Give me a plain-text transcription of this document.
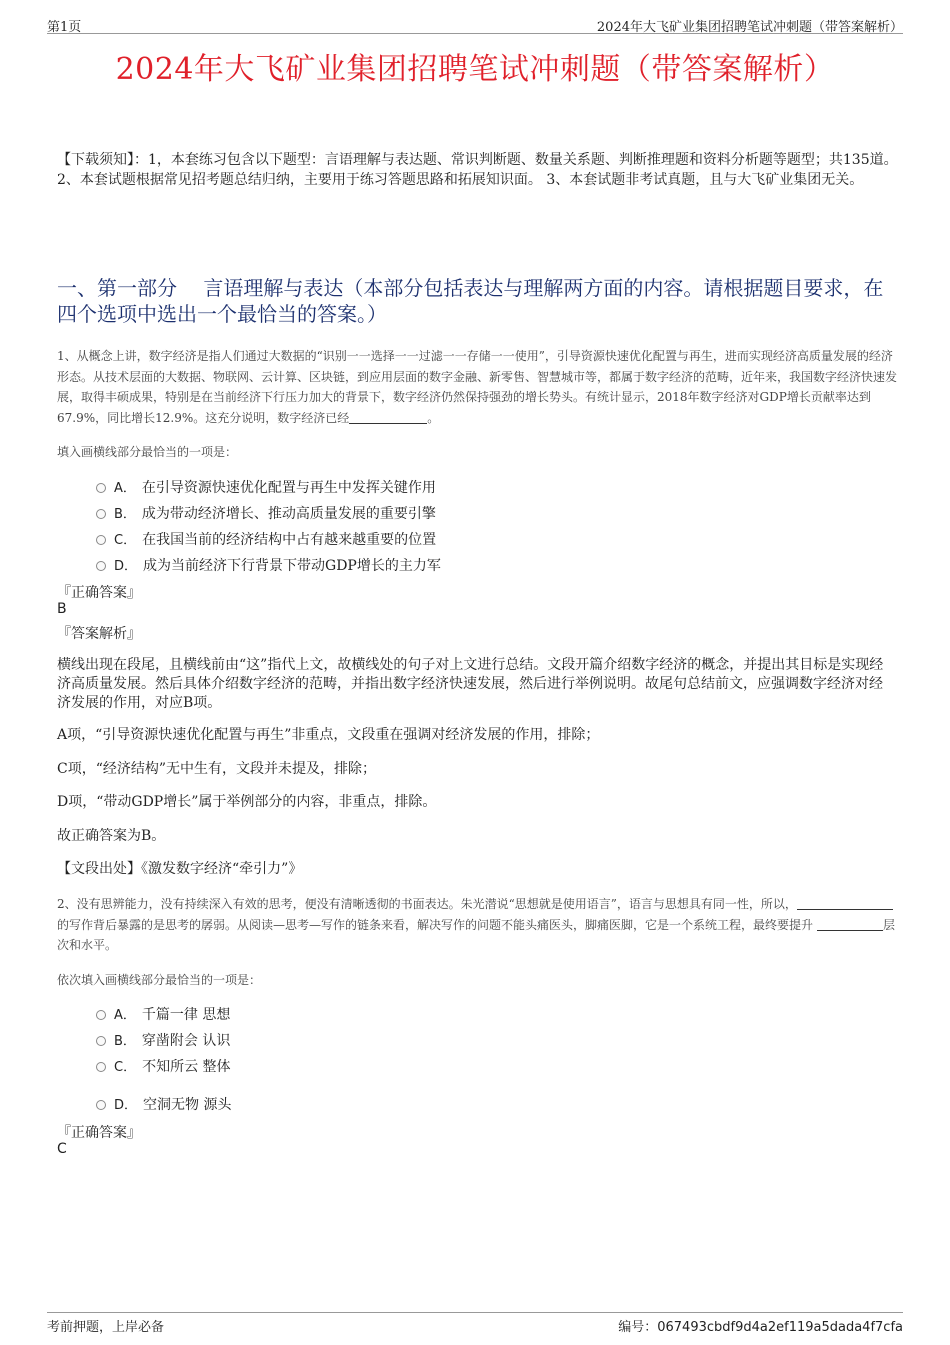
第1页	2024年大飞矿业集团招聘笔试冲刺题（带答案解析）
2024年大飞矿业集团招聘笔试冲刺题（带答案解析）
【下载须知】：1，本套练习包含以下题型：言语理解与表达题、常识判断题、数量关系题、判断推理题和资料分析题等题型；共135道。 2、本套试题根据常见招考题总结归纳，主要用于练习答题思路和拓展知识面。 3、本套试题非考试真题，且与大飞矿业集团无关。
一、第一部分　 言语理解与表达（本部分包括表达与理解两方面的内容。请根据题目要求，在四个选项中选出一个最恰当的答案。）
1、从概念上讲，数字经济是指人们通过大数据的“识别一一选择一一过滤一一存储一一使用”，引导资源快速优化配置与再生，进而实现经济高质量发展的经济形态。从技术层面的大数据、物联网、云计算、区块链，到应用层面的数字金融、新零售、智慧城市等，都属于数字经济的范畴，近年来，我国数字经济快速发展，取得丰硕成果，特别是在当前经济下行压力加大的背景下，数字经济仍然保持强劲的增长势头。有统计显示，2018年数字经济对GDP增长贡献率达到67.9%，同比增长12.9%。这充分说明，数字经济已经	。
填入画横线部分最恰当的一项是：
A． 在引导资源快速优化配置与再生中发挥关键作用
B． 成为带动经济增长、推动高质量发展的重要引擎
C． 在我国当前的经济结构中占有越来越重要的位置
D． 成为当前经济下行背景下带动GDP增长的主力军
『正确答案』
B
『答案解析』
横线出现在段尾，且横线前由“这”指代上文，故横线处的句子对上文进行总结。文段开篇介绍数字经济的概念，并提出其目标是实现经济高质量发展。然后具体介绍数字经济的范畴，并指出数字经济快速发展，然后进行举例说明。故尾句总结前文，应强调数字经济对经济发展的作用，对应B项。
A项，“引导资源快速优化配置与再生”非重点，文段重在强调对经济发展的作用，排除；
C项，“经济结构”无中生有，文段并未提及，排除；
D项，“带动GDP增长”属于举例部分的内容，非重点，排除。
故正确答案为B。
【文段出处】《激发数字经济“牵引力”》
2、没有思辨能力，没有持续深入有效的思考，便没有清晰透彻的书面表达。朱光潜说“思想就是使用语言”，语言与思想具有同一性，所以，的写作背后暴露的是思考的孱弱。从阅读—思考—写作的链条来看，解决写作的问题不能头痛医头，脚痛医脚，它是一个系统工程，最终要提升	层次和水平。
依次填入画横线部分最恰当的一项是：
A． 千篇一律 思想
B． 穿凿附会 认识
C． 不知所云 整体
D． 空洞无物 源头
『正确答案』
C
考前押题，上岸必备	编号：067493cbdf9d4a2ef119a5dada4f7cfa
